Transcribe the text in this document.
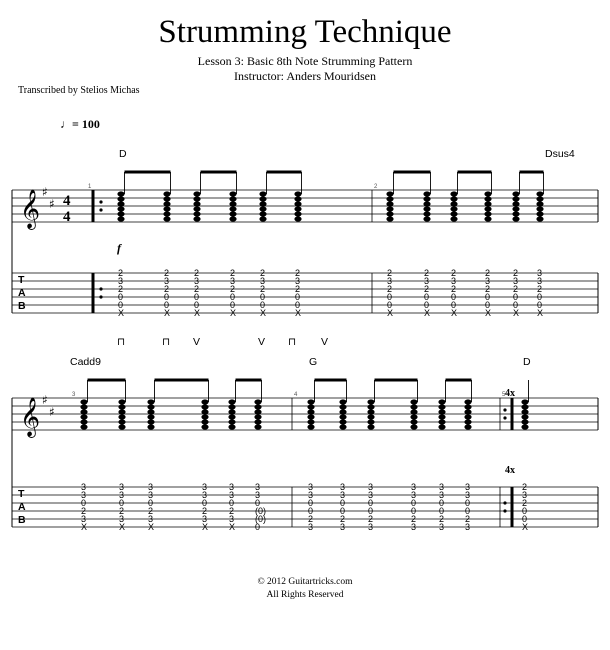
Strumming Technique
Lesson 3: Basic 8th Note Strumming Pattern
Instructor: Anders Mouridsen
Transcribed by Stelios Michas
♩= 100
𝄞 ♯
♯ 4
4
T
A
B
1
D
2
3
2
0
0
X
2
3
2
0
0
X
2
3
2
0
0
X
2
3
2
0
0
X
2
3
2
0
0
X
2
3
2
0
0
X
2
Dsus4
2
3
2
0
0
X
2
3
2
0
0
X
2
3
2
0
0
X
2
3
2
0
0
X
2
3
2
0
0
X
3
3
2
0
0
X
f
𝄞 ♯
♯
T
A
B
3
Cadd9
3
3
0
2
3
X
3
3
0
2
3
X
3
3
0
2
3
X
3
3
0
2
3
X
3
3
0
2
3
X
3
3
0
(0)
(0)
0
4
G
3
3
0
0
2
3
3
3
0
0
2
3
3
3
0
0
2
3
3
3
0
0
2
3
3
3
0
0
2
3
3
3
0
0
2
3
5
D
2
3
2
0
0
X
4x
4x
⊓	⊓ V	V ⊓ V
© 2012 Guitartricks.com
All Rights Reserved
